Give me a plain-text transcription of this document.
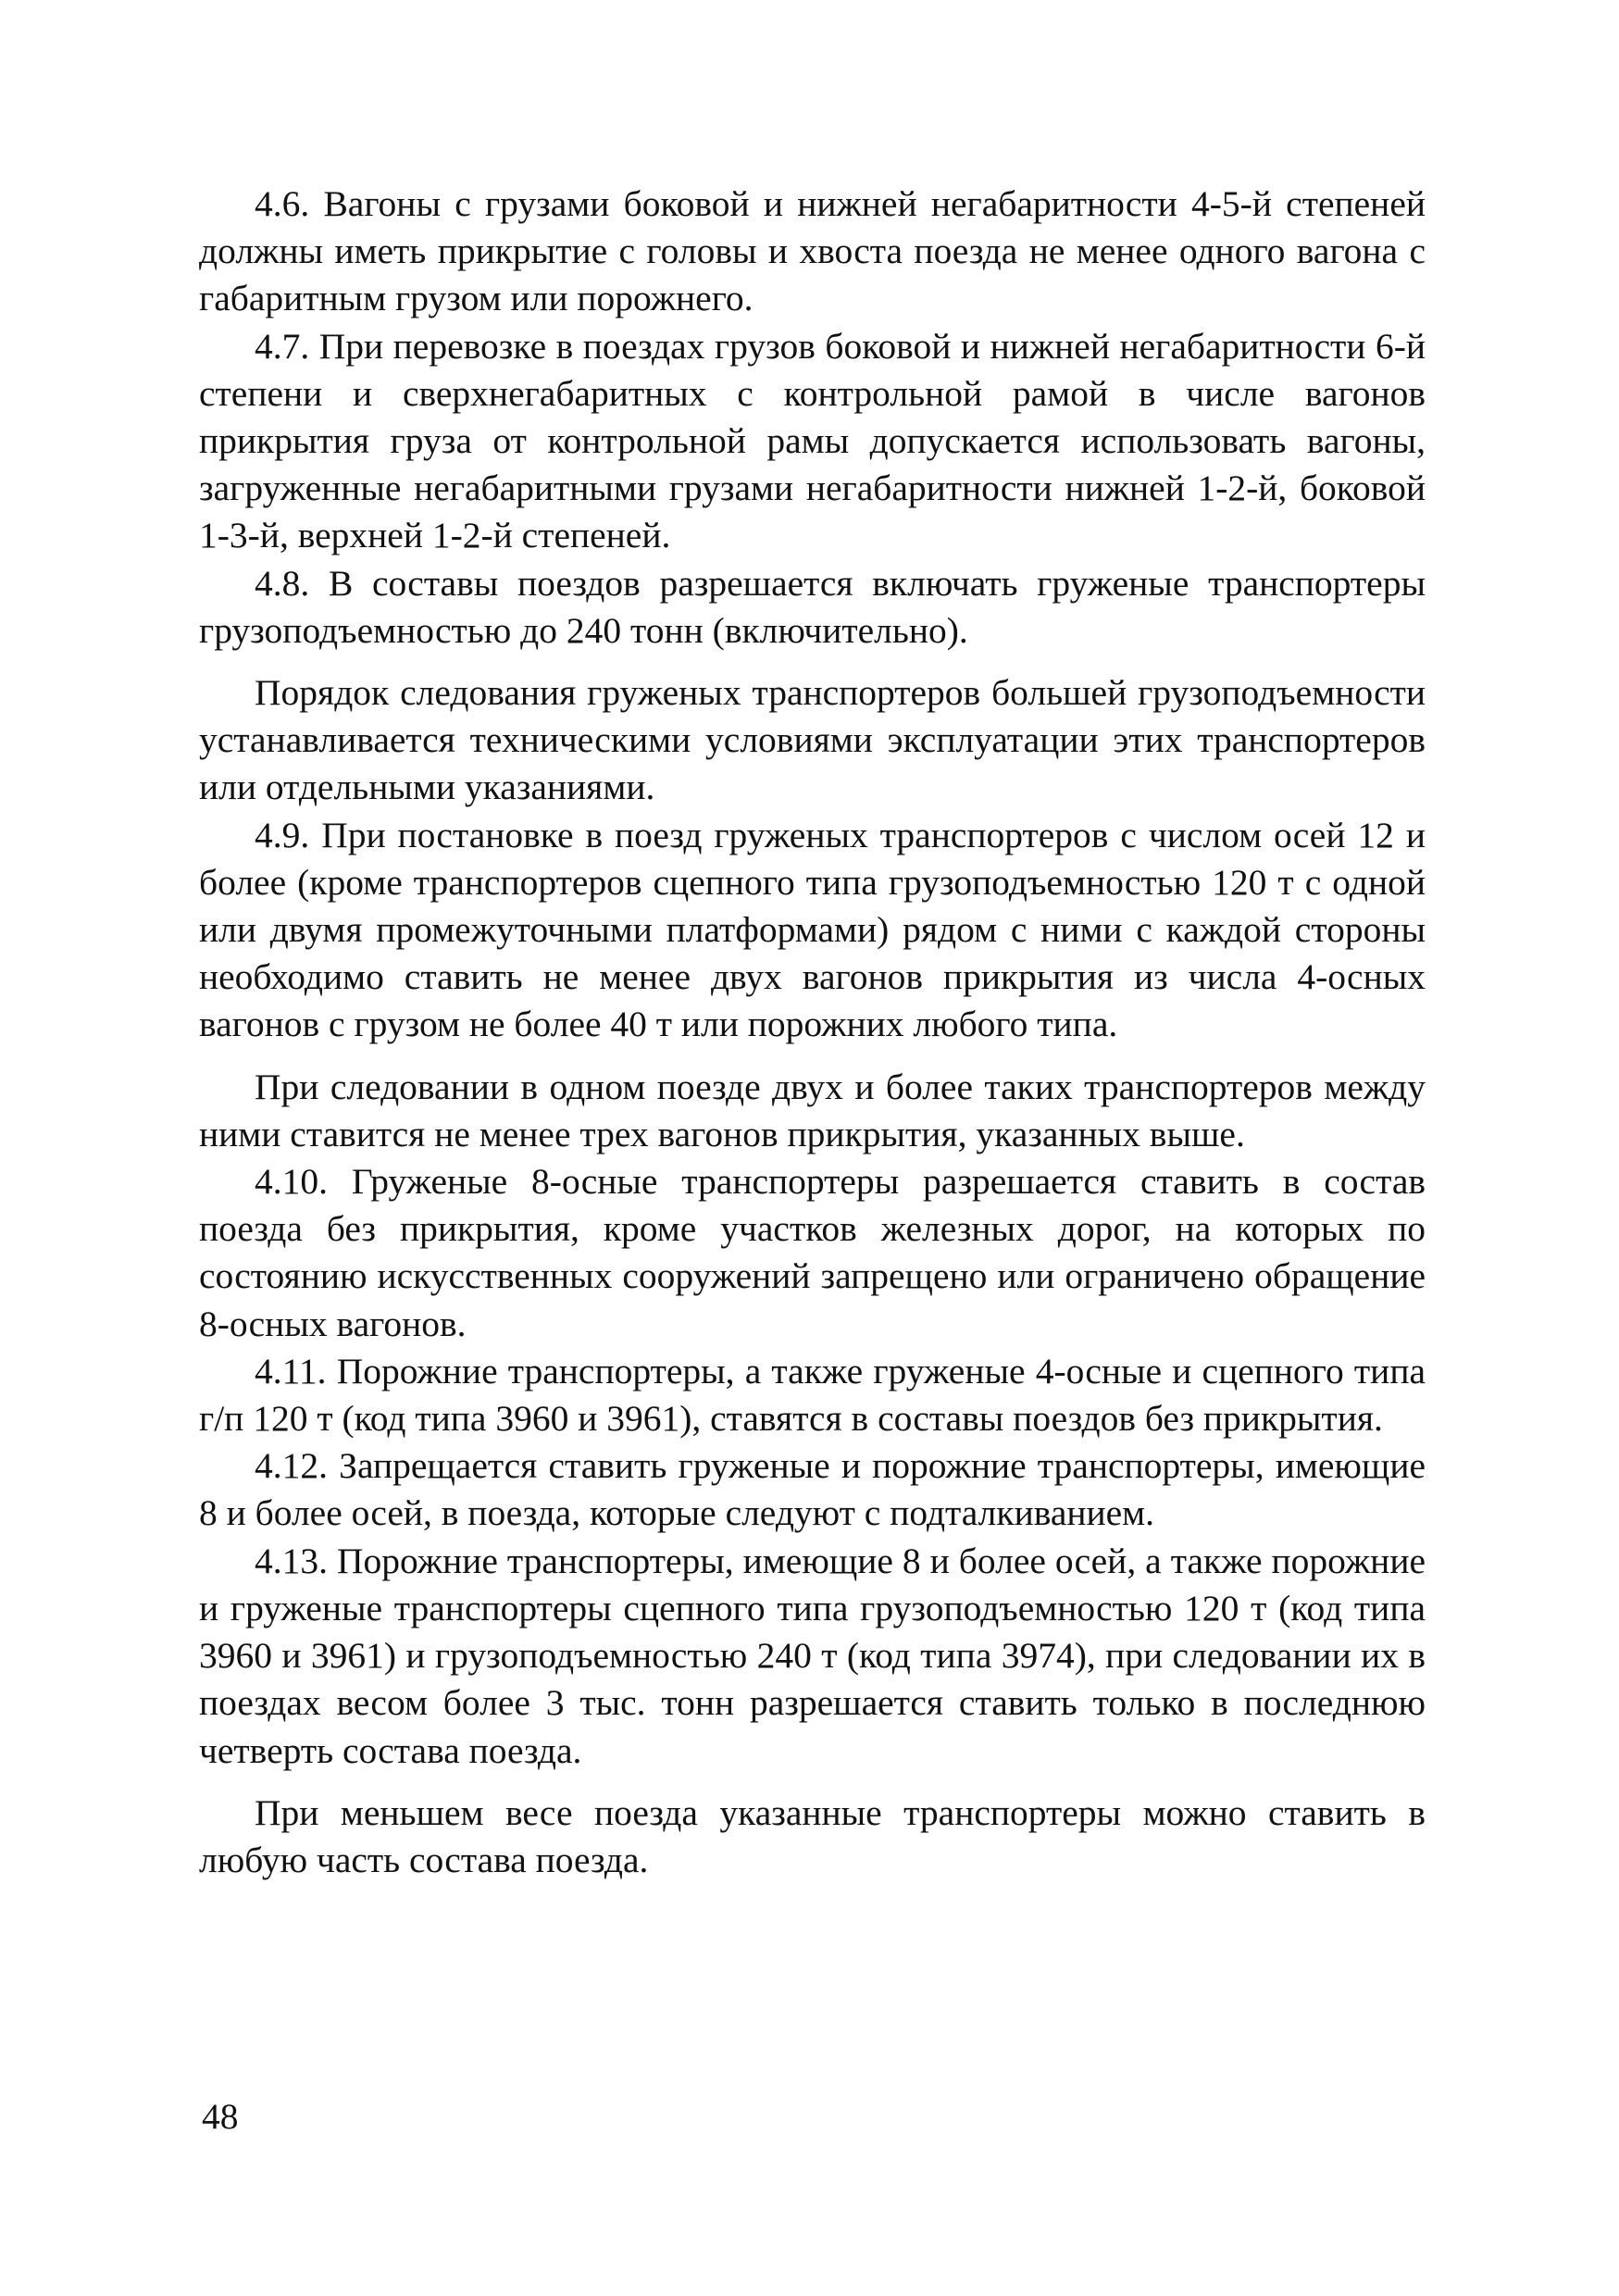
4.6. Вагоны с грузами боковой и нижней негабаритности 4-5-й степеней должны иметь прикрытие с головы и хвоста поезда не менее одного вагона с габаритным грузом или порожнего.

4.7. При перевозке в поездах грузов боковой и нижней негабаритности 6-й степени и сверхнегабаритных с контрольной рамой в числе вагонов прикрытия груза от контрольной рамы допускается использовать вагоны, загруженные негабаритными грузами негабаритности нижней 1-2-й, боковой 1-3-й, верхней 1-2-й степеней.

4.8. В составы поездов разрешается включать груженые транспортеры грузоподъемностью до 240 тонн (включительно).

Порядок следования груженых транспортеров большей грузоподъемности устанавливается техническими условиями эксплуатации этих транспортеров или отдельными указаниями.

4.9. При постановке в поезд груженых транспортеров с числом осей 12 и более (кроме транспортеров сцепного типа грузоподъемностью 120 т с одной или двумя промежуточными платформами) рядом с ними с каждой стороны необходимо ставить не менее двух вагонов прикрытия из числа 4-осных вагонов с грузом не более 40 т или порожних любого типа.

При следовании в одном поезде двух и более таких транспортеров между ними ставится не менее трех вагонов прикрытия, указанных выше.

4.10. Груженые 8-осные транспортеры разрешается ставить в состав поезда без прикрытия, кроме участков железных дорог, на которых по состоянию искусственных сооружений запрещено или ограничено обращение 8-осных вагонов.

4.11. Порожние транспортеры, а также груженые 4-осные и сцепного типа г/п 120 т (код типа 3960 и 3961), ставятся в составы поездов без прикрытия.

4.12. Запрещается ставить груженые и порожние транспортеры, имеющие 8 и более осей, в поезда, которые следуют с подталкиванием.

4.13. Порожние транспортеры, имеющие 8 и более осей, а также порожние и груженые транспортеры сцепного типа грузоподъемностью 120 т (код типа 3960 и 3961) и грузоподъемностью 240 т (код типа 3974), при следовании их в поездах весом более 3 тыс. тонн разрешается ставить только в последнюю четверть состава поезда.

При меньшем весе поезда указанные транспортеры можно ставить в любую часть состава поезда.

48
